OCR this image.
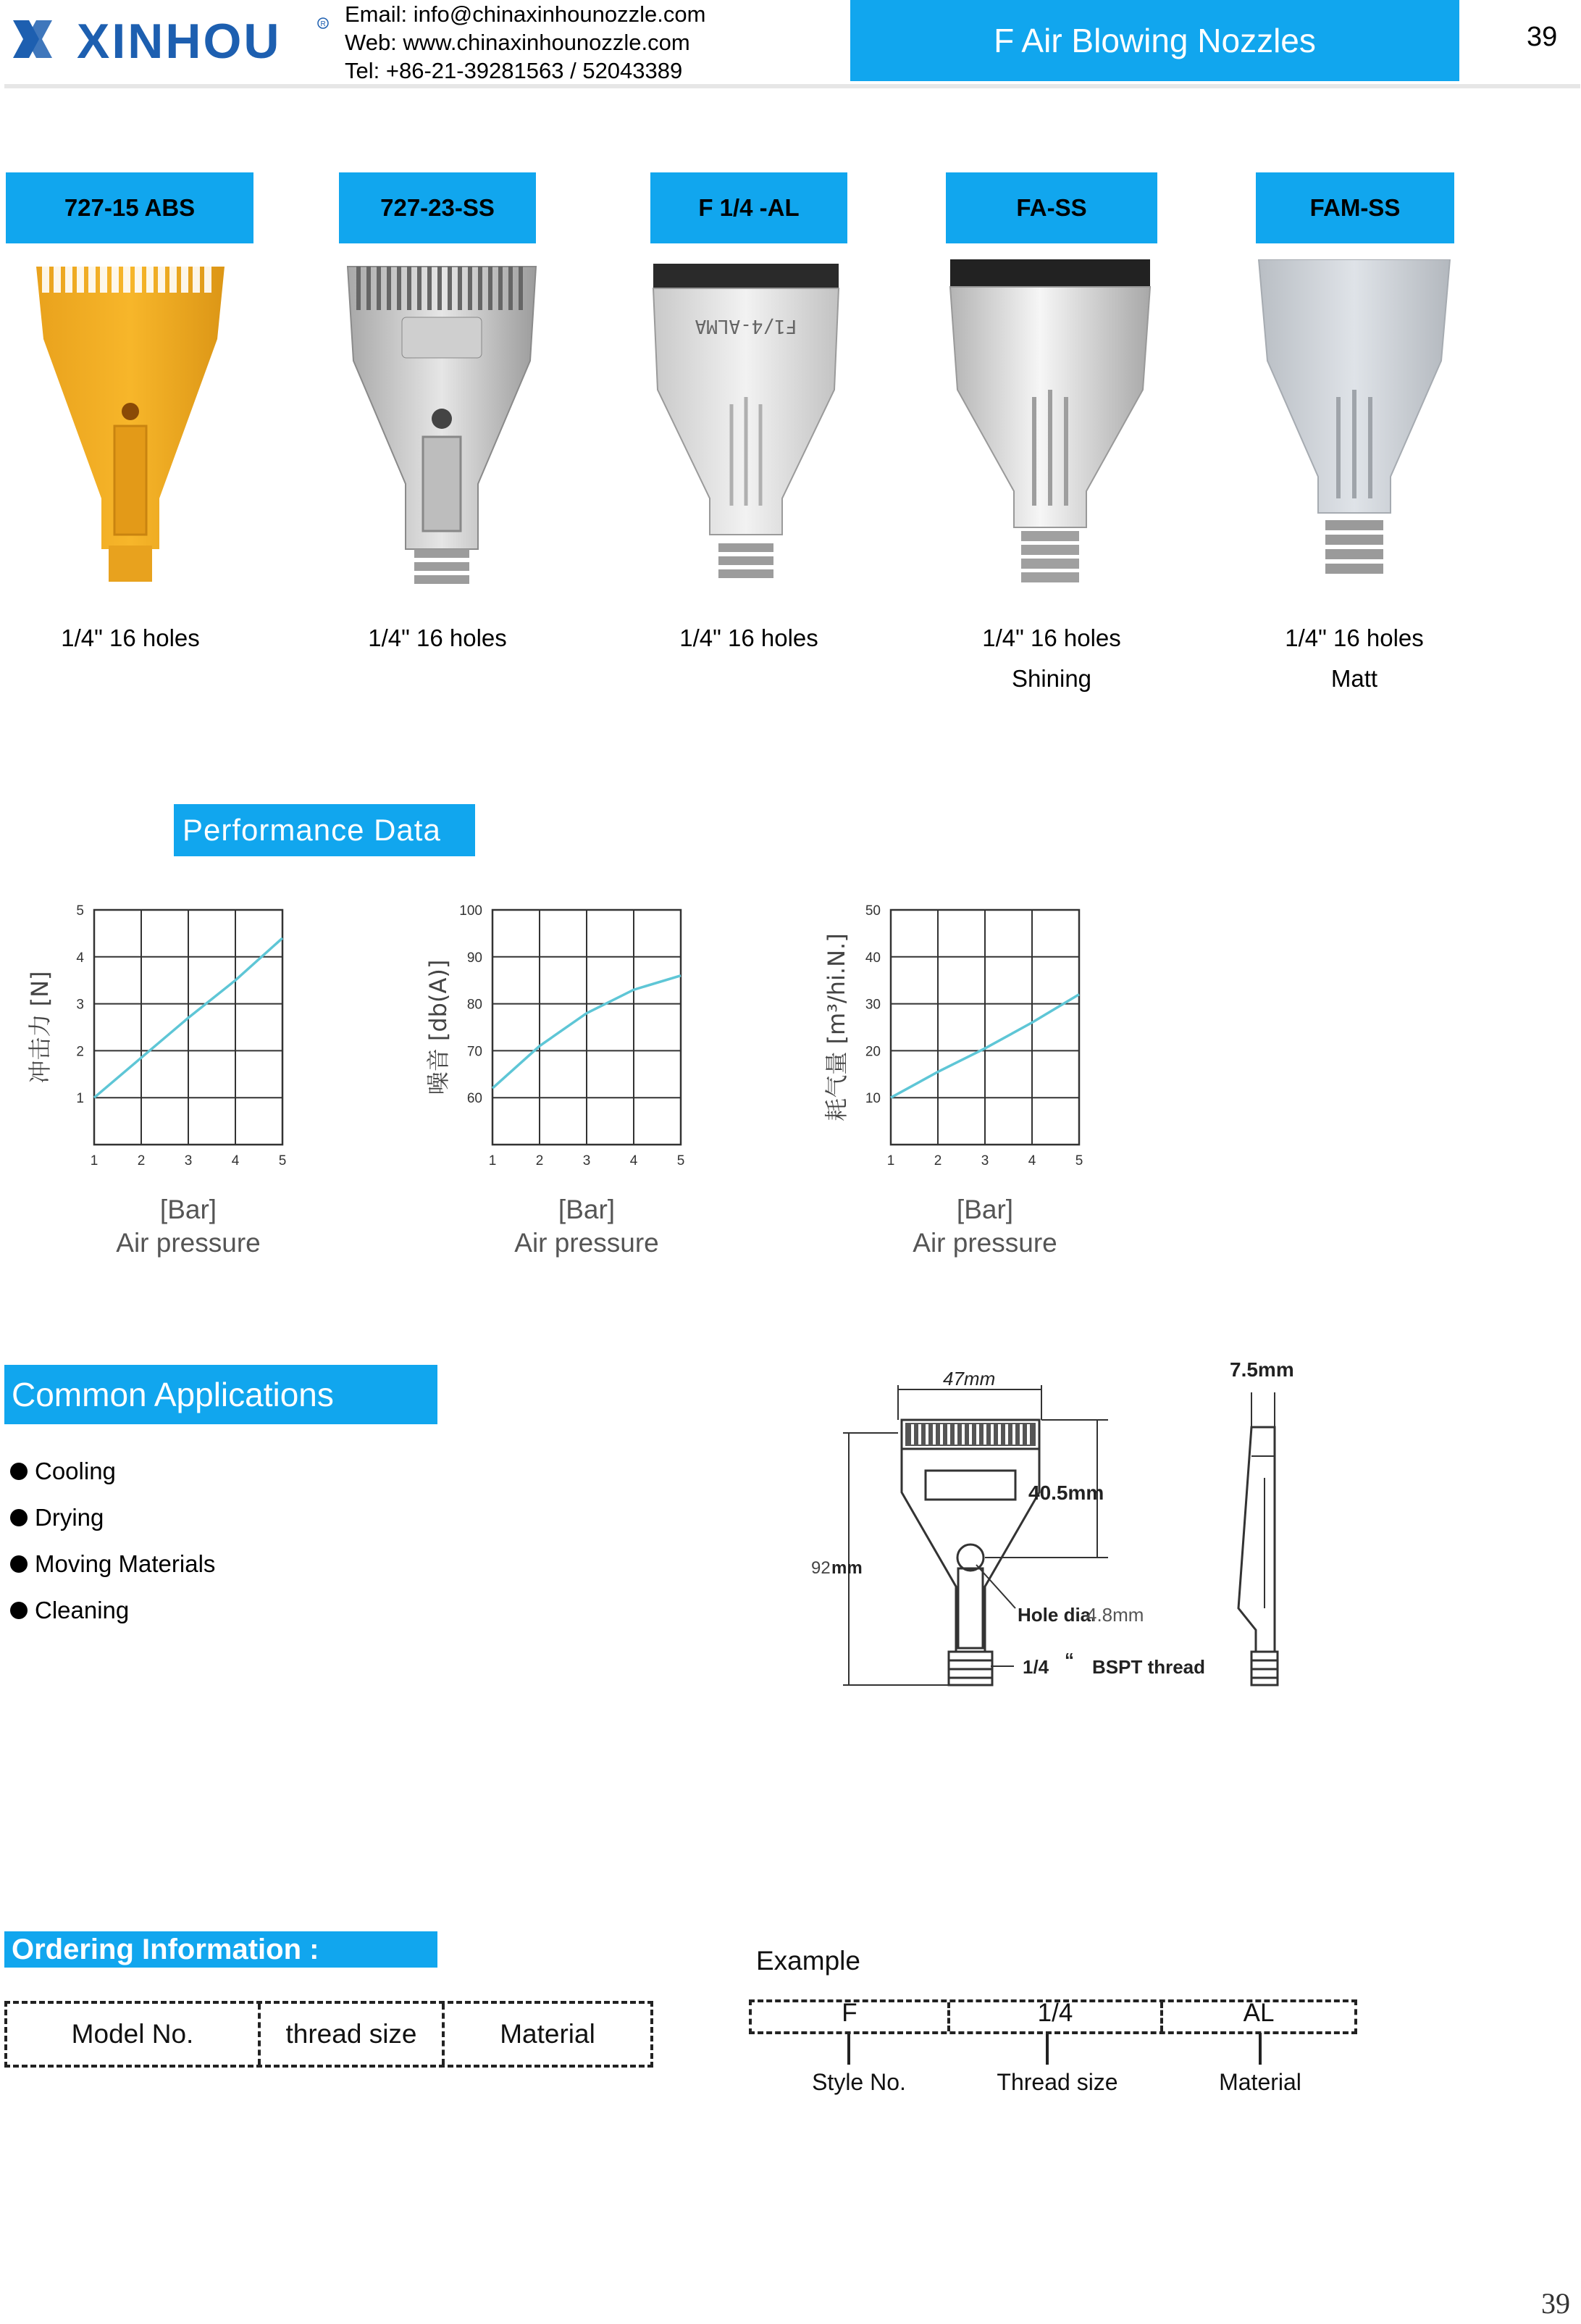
XINHOU	R Email: info@chinaxinhounozzle.com
Web: www.chinaxinhounozzle.com
Tel: +86-21-39281563 / 52043389
F Air Blowing Nozzles	39
727-15 ABS	727-23-SS	F 1/4 -AL	FA-SS	FAM-SS
F1/4-ALMA
1/4" 16 holes	1/4" 16 holes	1/4" 16 holes	1/4" 16 holes	1/4" 16 holes
Shining	Matt
Performance Data
1	2	3	4	5
1
2
3
4
5
冲击力 [N]
[Bar]
Air pressure
1	2	3	4	5
60
70
80
90
100
噪音 [db(A)]
[Bar]
Air pressure
1	2	3	4	5
10
20
30
40
50
耗气量 [m³/hi.N.]
[Bar]
Air pressure
Common Applications
Cooling
Drying
Moving Materials
Cleaning
47mm	7.5mm
40.5mm
92 mm
Hole dia.
4.8mm
1/4 “ BSPT thread
Ordering Information :
Model No.	thread size	Material
Example
F	1/4	AL
Style No.	Thread size	Material
39
